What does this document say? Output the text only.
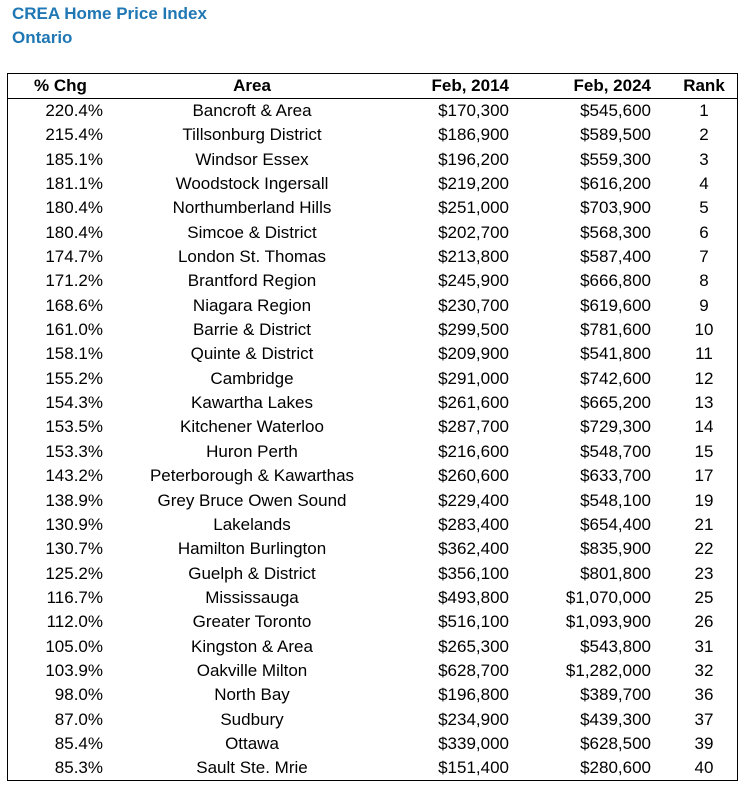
CREA Home Price Index
Ontario
% Chg	Area	Feb, 2014	Feb, 2024	Rank
220.4%	Bancroft & Area	$170,300	$545,600	1
215.4%	Tillsonburg District	$186,900	$589,500	2
185.1%	Windsor Essex	$196,200	$559,300	3
181.1%	Woodstock Ingersall	$219,200	$616,200	4
180.4%	Northumberland Hills	$251,000	$703,900	5
180.4%	Simcoe & District	$202,700	$568,300	6
174.7%	London St. Thomas	$213,800	$587,400	7
171.2%	Brantford Region	$245,900	$666,800	8
168.6%	Niagara Region	$230,700	$619,600	9
161.0%	Barrie & District	$299,500	$781,600	10
158.1%	Quinte & District	$209,900	$541,800	11
155.2%	Cambridge	$291,000	$742,600	12
154.3%	Kawartha Lakes	$261,600	$665,200	13
153.5%	Kitchener Waterloo	$287,700	$729,300	14
153.3%	Huron Perth	$216,600	$548,700	15
143.2%	Peterborough & Kawarthas	$260,600	$633,700	17
138.9%	Grey Bruce Owen Sound	$229,400	$548,100	19
130.9%	Lakelands	$283,400	$654,400	21
130.7%	Hamilton Burlington	$362,400	$835,900	22
125.2%	Guelph & District	$356,100	$801,800	23
116.7%	Mississauga	$493,800	$1,070,000	25
112.0%	Greater Toronto	$516,100	$1,093,900	26
105.0%	Kingston & Area	$265,300	$543,800	31
103.9%	Oakville Milton	$628,700	$1,282,000	32
98.0%	North Bay	$196,800	$389,700	36
87.0%	Sudbury	$234,900	$439,300	37
85.4%	Ottawa	$339,000	$628,500	39
85.3%	Sault Ste. Mrie	$151,400	$280,600	40
